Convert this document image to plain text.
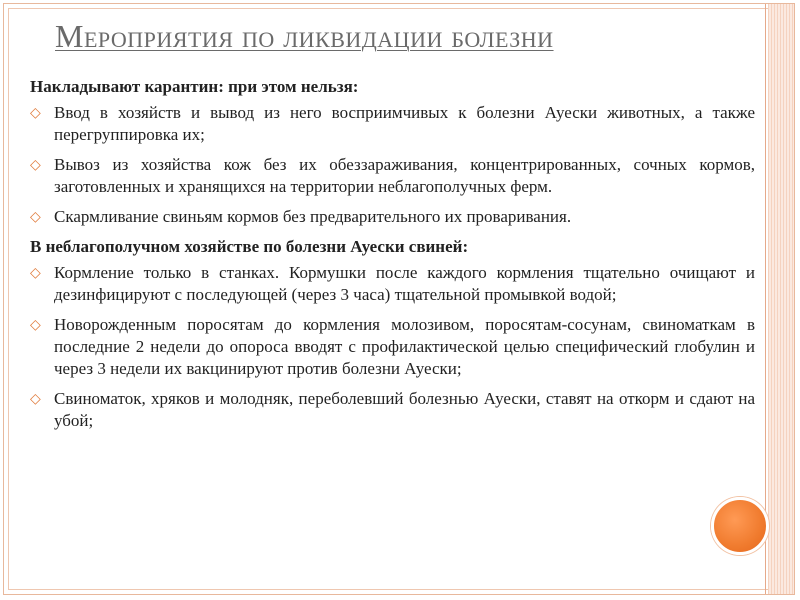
Мероприятия по ликвидации болезни
Накладывают карантин: при этом нельзя:
◇ Ввод в хозяйств и вывод из него восприимчивых к болезни Ауески животных, а также перегруппировка их;
◇ Вывоз из хозяйства кож без их обеззараживания, концентрированных, сочных кормов, заготовленных и хранящихся на территории неблагополучных ферм.
◇ Скармливание свиньям кормов без предварительного их проваривания.
В неблагополучном хозяйстве по болезни Ауески свиней:
◇ Кормление только в станках. Кормушки после каждого кормления тщательно очищают и дезинфицируют с последующей (через 3 часа) тщательной промывкой водой;
◇ Новорожденным поросятам до кормления молозивом, поросятам-сосунам, свиноматкам в последние 2 недели до опороса вводят с профилактической целью специфический глобулин и через 3 недели их вакцинируют против болезни Ауески;
◇ Свиноматок, хряков и молодняк, переболевший болезнью Ауески, ставят на откорм и сдают на убой;
